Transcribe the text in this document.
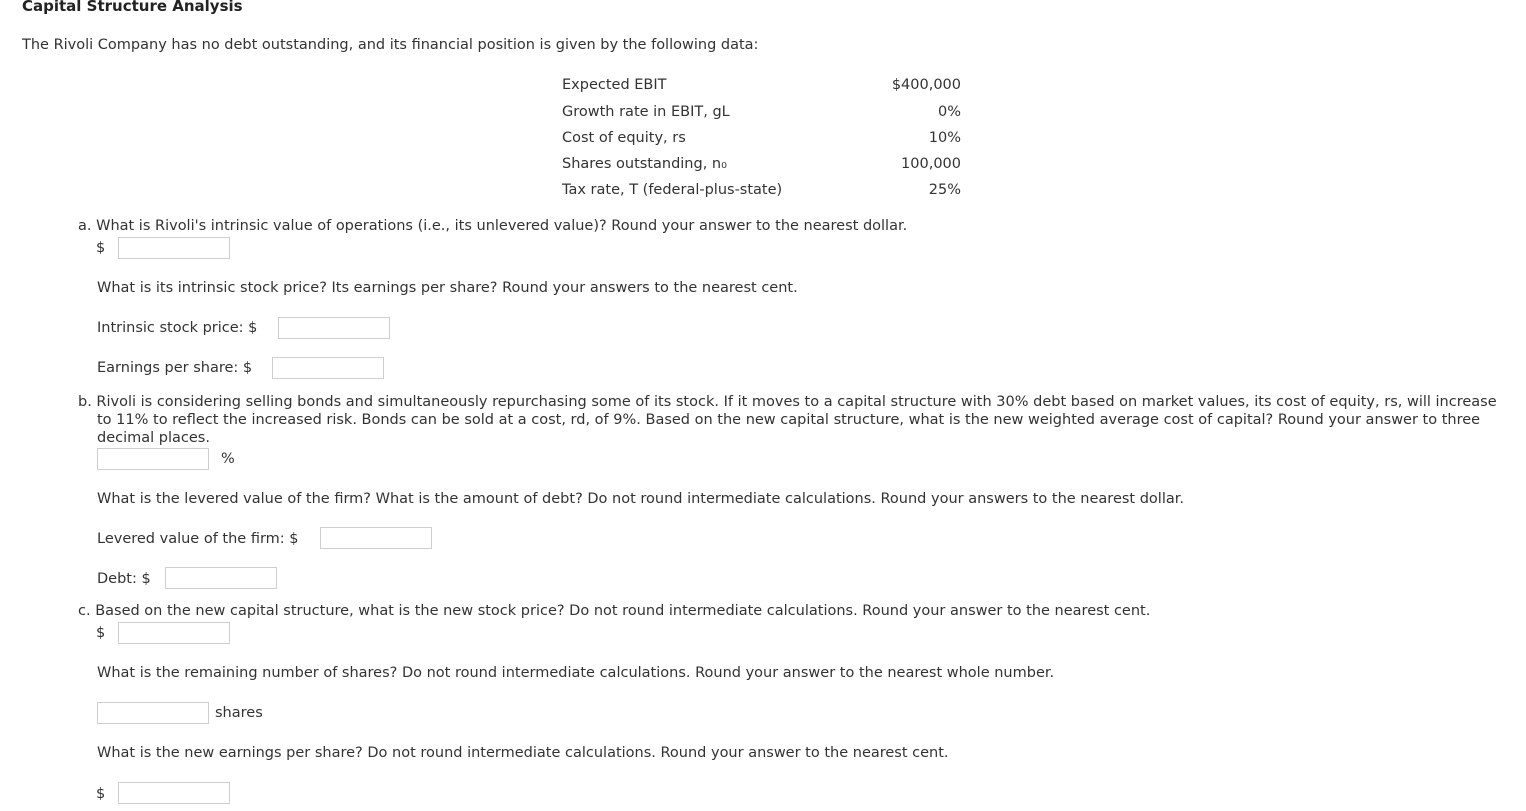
Capital Structure Analysis
The Rivoli Company has no debt outstanding, and its financial position is given by the following data:
Expected EBIT	$400,000
Growth rate in EBIT, gL	0%
Cost of equity, rs	10%
Shares outstanding, n₀	100,000
Tax rate, T (federal-plus-state)	25%
a. What is Rivoli's intrinsic value of operations (i.e., its unlevered value)? Round your answer to the nearest dollar.
$
What is its intrinsic stock price? Its earnings per share? Round your answers to the nearest cent.
Intrinsic stock price: $
Earnings per share: $
b. Rivoli is considering selling bonds and simultaneously repurchasing some of its stock. If it moves to a capital structure with 30% debt based on market values, its cost of equity, rs, will increase to 11% to reflect the increased risk. Bonds can be sold at a cost, rd, of 9%. Based on the new capital structure, what is the new weighted average cost of capital? Round your answer to three decimal places.
%
What is the levered value of the firm? What is the amount of debt? Do not round intermediate calculations. Round your answers to the nearest dollar.
Levered value of the firm: $
Debt: $
c. Based on the new capital structure, what is the new stock price? Do not round intermediate calculations. Round your answer to the nearest cent.
$
What is the remaining number of shares? Do not round intermediate calculations. Round your answer to the nearest whole number.
shares
What is the new earnings per share? Do not round intermediate calculations. Round your answer to the nearest cent.
$
